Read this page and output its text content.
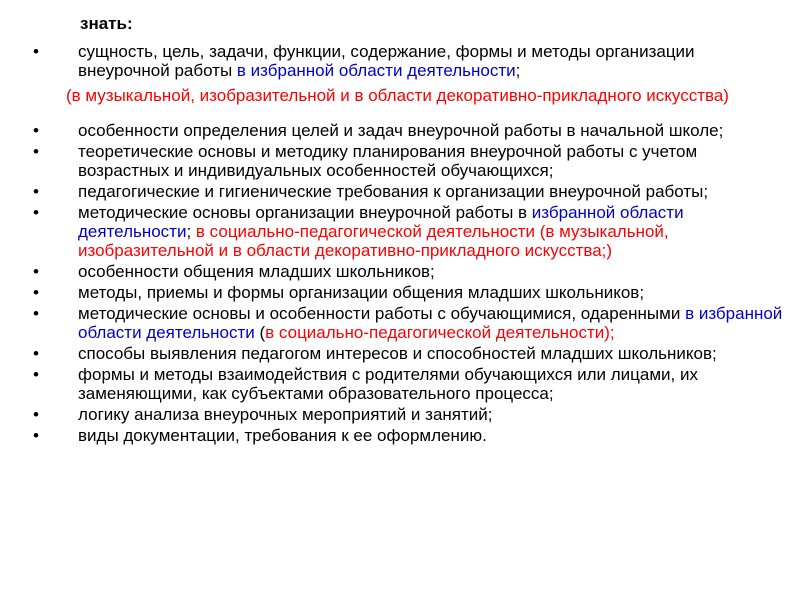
знать:
• сущность, цель, задачи, функции, содержание, формы и методы организации внеурочной работы в избранной области деятельности;
(в музыкальной, изобразительной и в области декоративно-прикладного искусства)
• особенности определения целей и задач внеурочной работы в начальной школе;
• теоретические основы и методику планирования внеурочной работы с учетом возрастных и индивидуальных особенностей обучающихся;
• педагогические и гигиенические требования к организации внеурочной работы;
• методические основы организации внеурочной работы в избранной области деятельности; в социально-педагогической деятельности (в музыкальной, изобразительной и в области декоративно-прикладного искусства;)
• особенности общения младших школьников;
• методы, приемы и формы организации общения младших школьников;
• методические основы и особенности работы с обучающимися, одаренными в избранной области деятельности (в социально-педагогической деятельности);
• способы выявления педагогом интересов и способностей младших школьников;
• формы и методы взаимодействия с родителями обучающихся или лицами, их заменяющими, как субъектами образовательного процесса;
• логику анализа внеурочных мероприятий и занятий;
• виды документации, требования к ее оформлению.
